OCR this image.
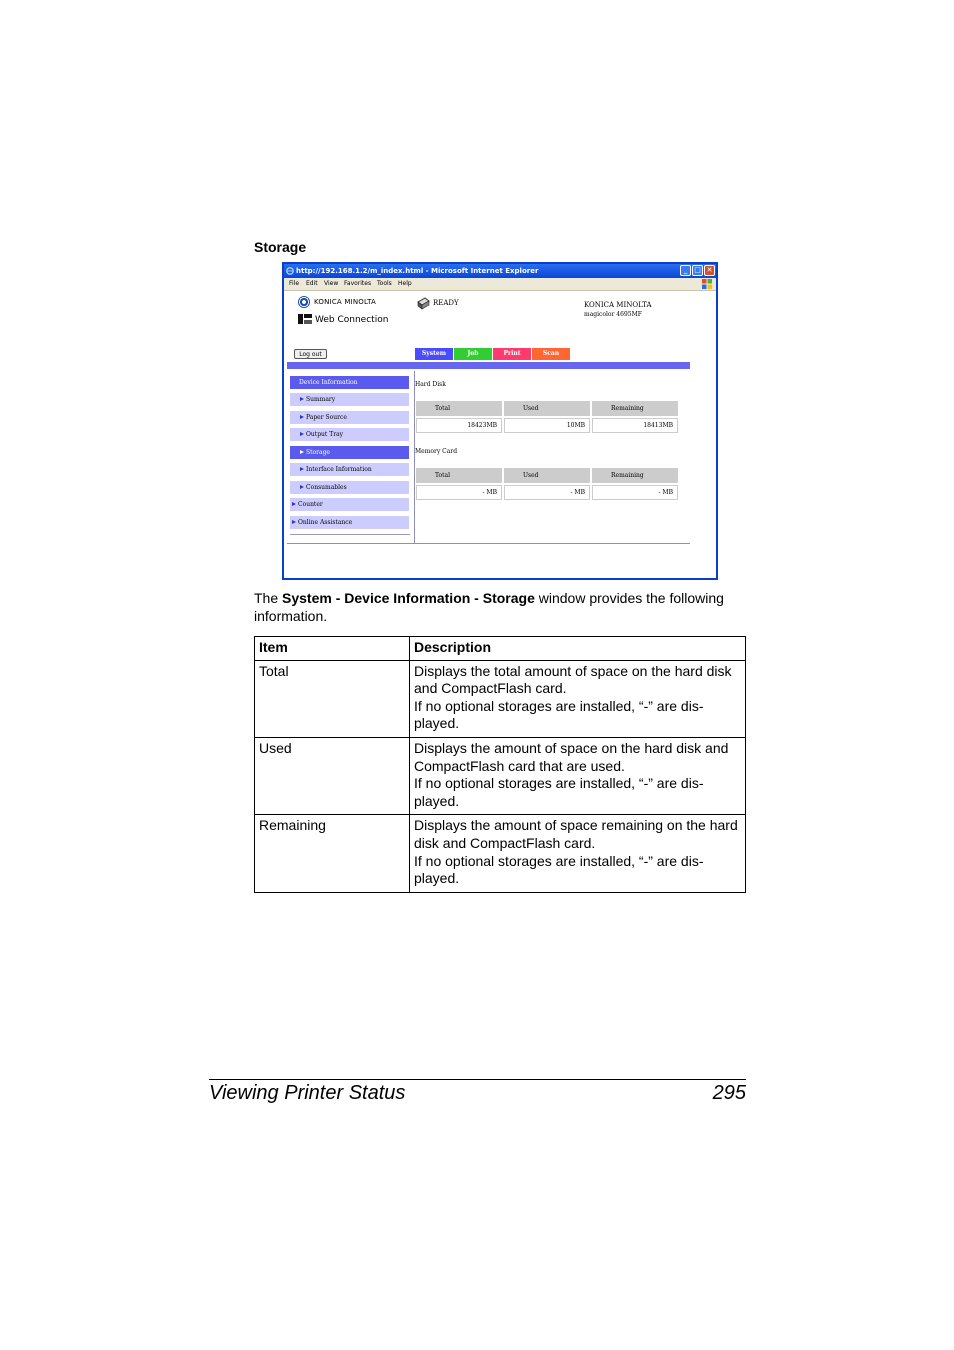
Storage
http://192.168.1.2/m_index.html - Microsoft Internet Explorer	_ □ ✕
File Edit View Favorites Tools Help
KONICA MINOLTA
Web Connection
READY	KONICA MINOLTA
magicolor 4695MF
Log out	System	Job	Print	Scan
Device Information
Summary
Paper Source
Output Tray
Storage
Interface Information
Consumables
Counter
Online Assistance
Hard Disk
Total	Used	Remaining
18423MB	10MB	18413MB
Memory Card
Total	Used	Remaining
- MB	- MB	- MB
The System - Device Information - Storage window provides the following information.
Item	Description
Total	Displays the total amount of space on the hard disk and CompactFlash card.
If no optional storages are installed, “-” are dis- played.

Used	Displays the amount of space on the hard disk and CompactFlash card that are used.
If no optional storages are installed, “-” are dis- played.

Remaining	Displays the amount of space remaining on the hard disk and CompactFlash card.
If no optional storages are installed, “-” are dis- played.
Viewing Printer Status	295
